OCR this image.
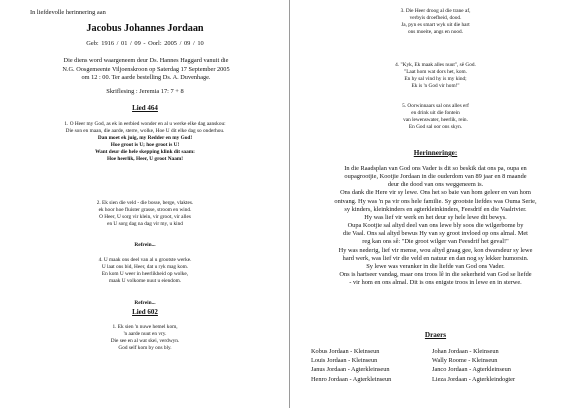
In liefdevolle herinnering aan
Jacobus Johannes Jordaan
Geb: 1916 / 01 / 09 - Oorl: 2005 / 09 / 10
Die diens word waargeneem deur Ds. Hannes Haggard vanuit die
N.G. Oosgemeente Viljoenskroon op Saterdag 17 September 2005
om 12 : 00. Ter aarde bestelling Ds. A. Duvenhage.
Skriflesing : Jeremia 17: 7 + 8
Lied 464
1. O Heer my God, as ek in eerbied wonder en al u werke elke dag aanskou:
Die son en maan, die aarde, sterre, wolke, Hoe U dit elke dag so onderhou.
Dan moet ek juig, my Redder en my God!
Hoe groot is U; hoe groot is U!
Want deur die hele skepping klink dit saam:
Hoe heerlik, Heer, U groot Naam!
2. Ek sien die veld - die bosse, berge, vlaktes.
ek hoor hoe fluister grasse, stroom en wind.
O Heer, U sorg vir klein, vir groot, vir alles
en U sorg dag na dag vir my, u kind
Refrein...
4. U maak ons deel van al u grootste werke.
U laat ons bid, Heer, dat u ryk mag kom.
En kom U weer in heerlikheid op wolke,
maak U volkome nuut u eiendom.
Refrein...
Lied 602
1. Ek sien 'n nuwe hemel kom,
'n aarde nuut en vry.
Die see en al wat skei, verdwyn.
God self kom by ons bly.
3. Die Heer droog al die trane af,
verbyis droefheid, dood.
Ja, pyn es smart wyk uit die hart
ons moeite, angs en nood.
4. "Kyk, Ek maak alles nuut", sê God.
"Laat hom wat dors het, kom.
En hy sal vind hy is my kind;
Ek is 'n God vir hom!"
5. Oorwinnaars sal ons alles erf
en drink uit die fontein
van lewenswater, heerlik, rein.
En God sal oor ons skyn.
Herinneringe:
In die Raadsplan van God ons Vader is dit so beskik dat ons pa, oupa en
oupagrootjie, Kootjie Jordaan in die ouderdom van 89 jaar en 8 maande
deur die dood van ons weggeneem is.
Ons dank die Here vir sy lewe. Ons het so baie van hom geleer en van hom
ontvang. Hy was 'n pa vir ons hele familie. Sy grootste liefdes was Ouma Serie,
sy kinders, kleinkinders en agterkleinkinders, Feesdrif en die Vaalrivier.
Hy was lief vir werk en het deur sy hele lewe dit bewys.
Oupa Kootjie sal altyd deel van ons lewe bly soos die wilgerbome by
die Vaal. Ons sal altyd bewus Hy van sy groot invloed op ons almal. Met
reg kan ons sê: "Die groot wilger van Feesdrif het geval!"
Hy was nederig, lief vir mense, wou altyd graag gee, kon dwarsdeur sy lewe
hard werk, was lief vir die veld en natuur en dan nog sy lekker humorsin.
Sy lewe was veranker in die liefde van God ons Vader.
Ons is hartseer vandag, maar ons troos lê in die sekerheid van God se liefde
- vir hom en ons almal. Dit is ons enigste troos in lewe en in sterwe.
Draers
Kobus Jordaan - Kleinseun
Louis Jordaan - Kleinseun
Janus Jordaan - Agterkleinseun
Henro Jordaan - Agterkleinseun
Johan Jordaan - Kleinseun
Wally Roome - Kleinseun
Janco Jordaan - Agterkleinseun
Lieza Jordaan - Agterkleindogter
